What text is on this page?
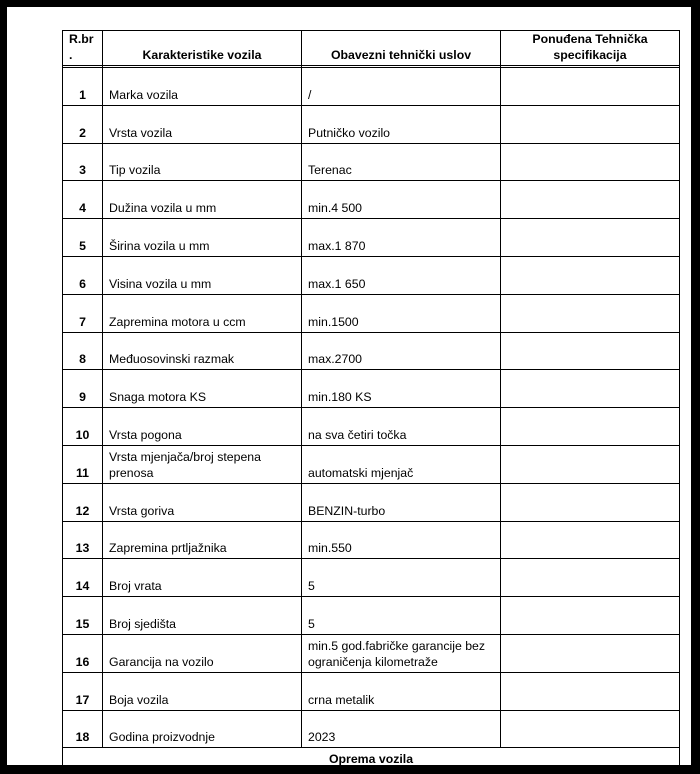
R.br .	Karakteristike vozila	Obavezni tehnički uslov	Ponuđena Tehnička specifikacija

1	Marka vozila	/	
2	Vrsta vozila	Putničko vozilo	
3	Tip vozila	Terenac	
4	Dužina vozila u mm	min.4 500	
5	Širina vozila u mm	max.1 870	
6	Visina vozila u mm	max.1 650	
7	Zapremina motora u ccm	min.1500	
8	Međuosovinski razmak	max.2700	
9	Snaga motora KS	min.180 KS	
10	Vrsta pogona	na sva četiri točka	
11	Vrsta mjenjača/broj stepena prenosa	automatski mjenjač	
12	Vrsta goriva	BENZIN-turbo	
13	Zapremina prtljažnika	min.550	
14	Broj vrata	5	
15	Broj sjedišta	5	
16	Garancija na vozilo	min.5 god.fabričke garancije bez ograničenja kilometraže	
17	Boja vozila	crna metalik	
18	Godina proizvodnje	2023	
Oprema vozila			
